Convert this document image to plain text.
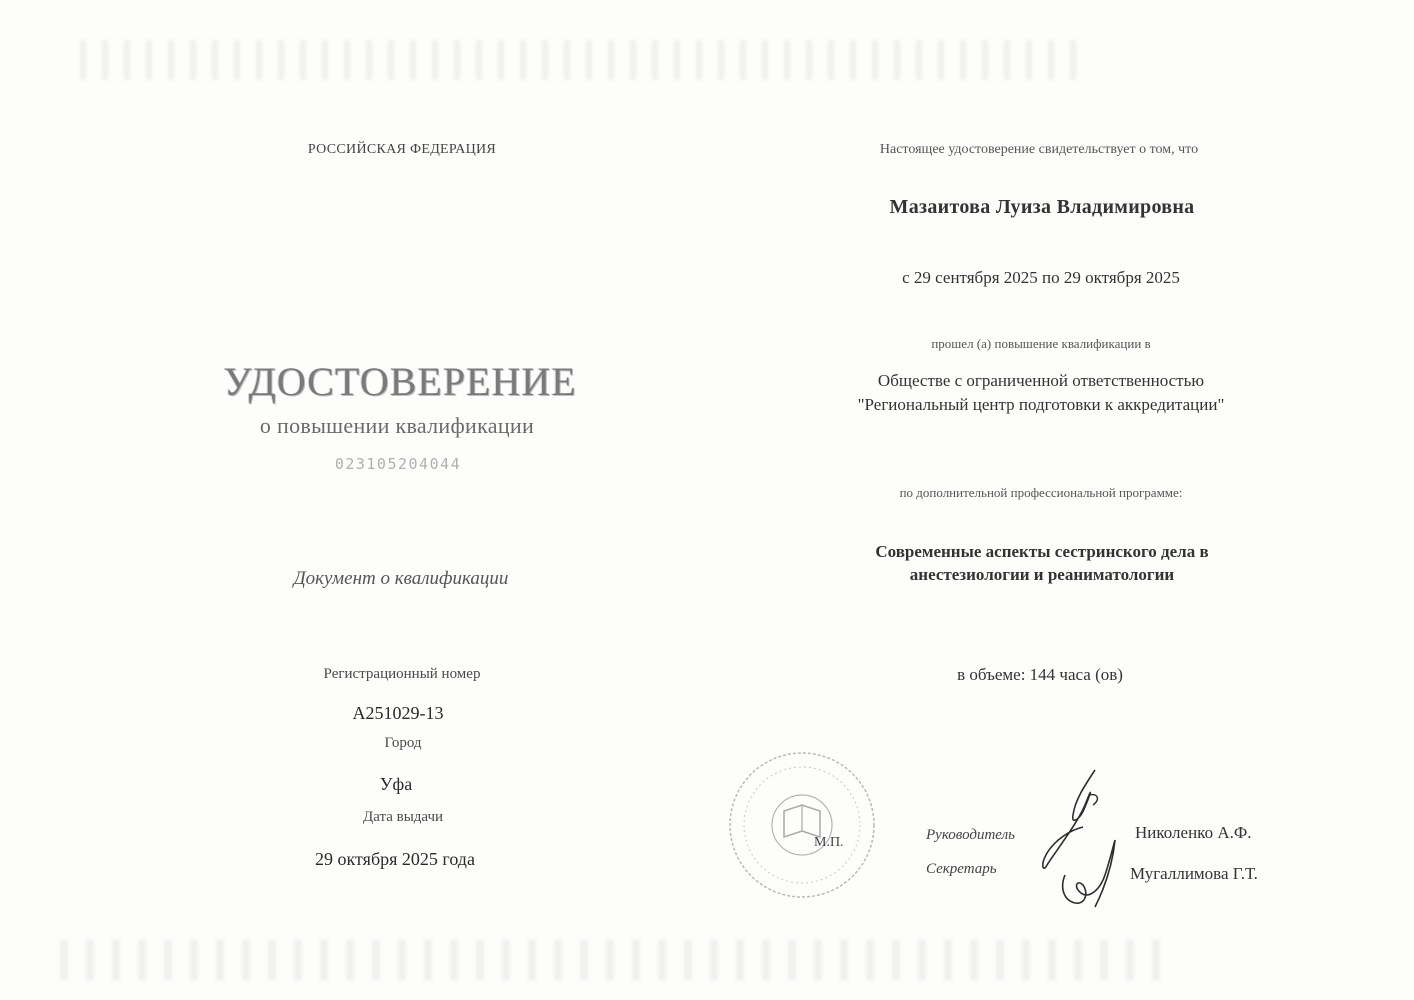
РОССИЙСКАЯ ФЕДЕРАЦИЯ
УДОСТОВЕРЕНИЕ
о повышении квалификации
023105204044
Документ о квалификации
Регистрационный номер
А251029-13
Город
Уфа
Дата выдачи
29 октября 2025 года
Настоящее удостоверение свидетельствует о том, что
Мазаитова Луиза Владимировна
с 29 сентября 2025 по 29 октября 2025
прошел (а) повышение квалификации в
Обществе с ограниченной ответственностью
"Региональный центр подготовки к аккредитации"
по дополнительной профессиональной программе:
Современные аспекты сестринского дела в
анестезиологии и реаниматологии
в объеме: 144 часа (ов)
М.П.	Руководитель
Секретарь
Николенко А.Ф.
Мугаллимова Г.Т.
